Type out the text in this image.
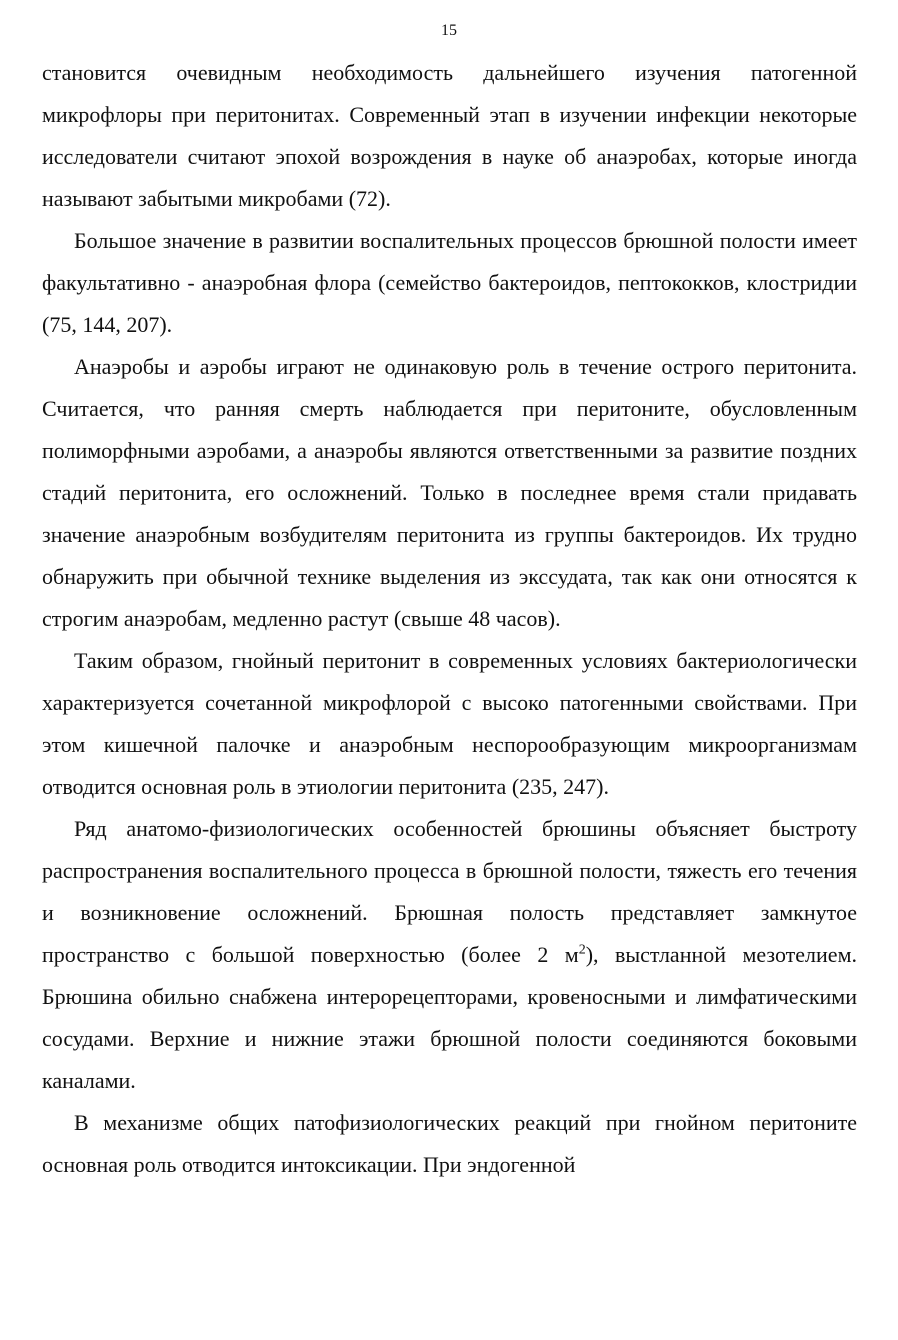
15

становится очевидным необходимость дальнейшего изучения патогенной микрофлоры при перитонитах. Современный этап в изучении инфекции некоторые исследователи считают эпохой возрождения в науке об анаэробах, которые иногда называют забытыми микробами (72).

Большое значение в развитии воспалительных процессов брюшной полости имеет факультативно - анаэробная флора (семейство бактероидов, пептококков, клостридии (75, 144, 207).

Анаэробы и аэробы играют не одинаковую роль в течение острого перитонита. Считается, что ранняя смерть наблюдается при перитоните, обусловленным полиморфными аэробами, а анаэробы являются ответственными за развитие поздних стадий перитонита, его осложнений. Только в последнее время стали придавать значение анаэробным возбудителям перитонита из группы бактероидов. Их трудно обнаружить при обычной технике выделения из экссудата, так как они относятся к строгим анаэробам, медленно растут (свыше 48 часов).

Таким образом, гнойный перитонит в современных условиях бактериологически характеризуется сочетанной микрофлорой с высоко патогенными свойствами. При этом кишечной палочке и анаэробным неспорообразующим микроорганизмам отводится основная роль в этиологии перитонита (235, 247).

Ряд анатомо-физиологических особенностей брюшины объясняет быстроту распространения воспалительного процесса в брюшной полости, тяжесть его течения и возникновение осложнений. Брюшная полость представляет замкнутое пространство с большой поверхностью (более 2 $м^2$), выстланной мезотелием. Брюшина обильно снабжена интерорецепторами, кровеносными и лимфатическими сосудами. Верхние и нижние этажи брюшной полости соединяются боковыми каналами.

В механизме общих патофизиологических реакций при гнойном перитоните основная роль отводится интоксикации. При эндогенной
